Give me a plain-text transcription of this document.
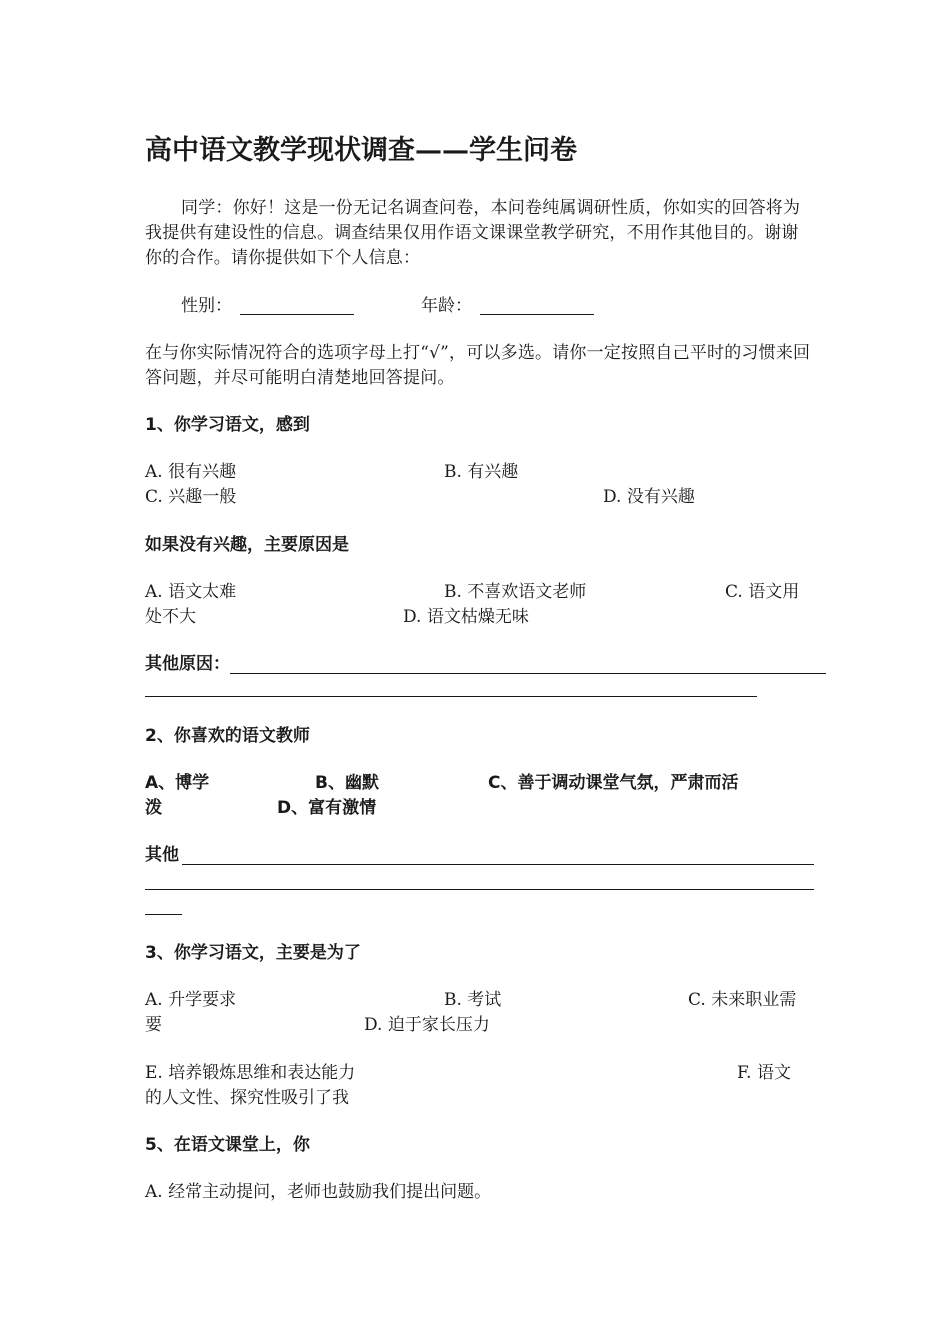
高中语文教学现状调查——学生问卷
同学：你好！这是一份无记名调查问卷，本问卷纯属调研性质，你如实的回答将为我提供有建设性的信息。调查结果仅用作语文课课堂教学研究，不用作其他目的。谢谢你的合作。请你提供如下个人信息：
性别：	年龄：
在与你实际情况符合的选项字母上打“√”，可以多选。请你一定按照自己平时的习惯来回答问题，并尽可能明白清楚地回答提问。
1、你学习语文，感到
A. 很有兴趣	B. 有兴趣
C. 兴趣一般	D. 没有兴趣
如果没有兴趣，主要原因是
A. 语文太难	B. 不喜欢语文老师	C. 语文用
处不大	D. 语文枯燥无味
其他原因：
2、你喜欢的语文教师
A、博学	B、幽默	C、善于调动课堂气氛，严肃而活
泼	D、富有激情
其他
3、你学习语文，主要是为了
A. 升学要求	B. 考试	C. 未来职业需
要	D. 迫于家长压力
E. 培养锻炼思维和表达能力	F. 语文
的人文性、探究性吸引了我
5、在语文课堂上，你
A. 经常主动提问，老师也鼓励我们提出问题。
